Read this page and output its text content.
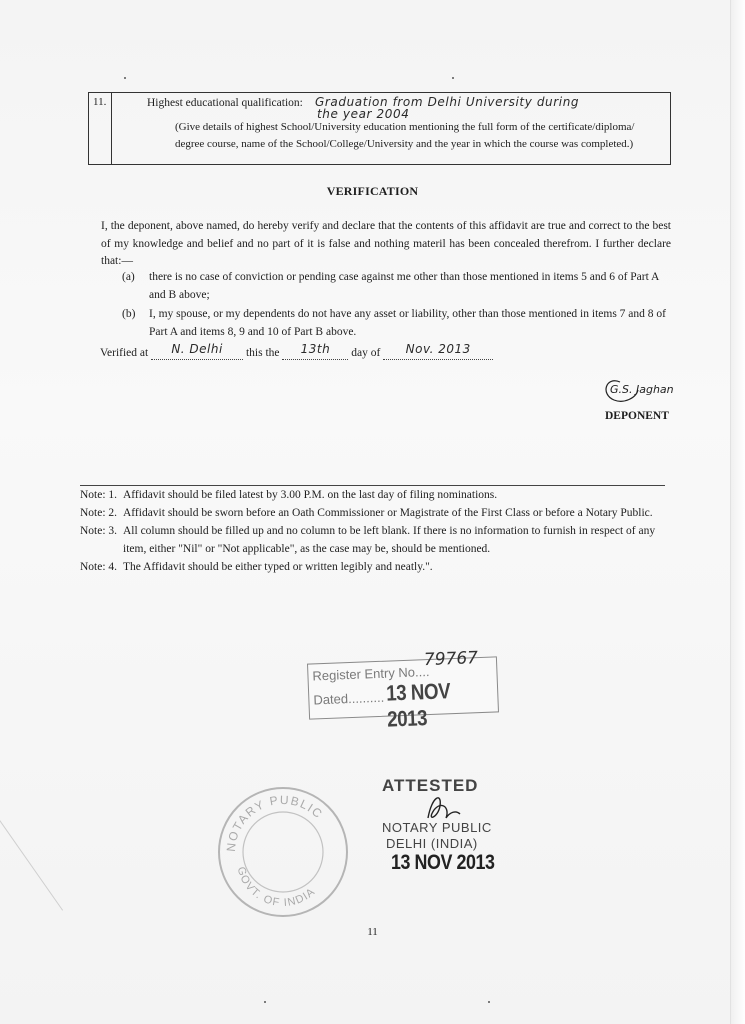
11.	Highest educational qualification: Graduation from Delhi University during
the year 2004
(Give details of highest School/University education mentioning the full form of the certificate/diploma/
degree course, name of the School/College/University and the year in which the course was completed.)
VERIFICATION
I, the deponent, above named, do hereby verify and declare that the contents of this affidavit are true and correct to the best of my knowledge and belief and no part of it is false and nothing materil has been concealed therefrom. I further declare that:—
(a) there is no case of conviction or pending case against me other than those mentioned in items 5 and 6 of Part A and B above;
(b) I, my spouse, or my dependents do not have any asset or liability, other than those mentioned in items 7 and 8 of Part A and items 8, 9 and 10 of Part B above.
Verified at N. Delhi this the 13th day of Nov. 2013
G.S. Jaghan
DEPONENT
Note: 1. Affidavit should be filed latest by 3.00 P.M. on the last day of filing nominations.
Note: 2. Affidavit should be sworn before an Oath Commissioner or Magistrate of the First Class or before a Notary Public.
Note: 3. All column should be filled up and no column to be left blank. If there is no information to furnish in respect of any
item, either "Nil" or "Not applicable", as the case may be, should be mentioned.
Note: 4. The Affidavit should be either typed or written legibly and neatly.".
Register Entry No....
79767
Dated.......... 13 NOV 2013
NOTARY PUBLIC
GOVT. OF INDIA
ATTESTED
NOTARY PUBLIC
DELHI (INDIA)
13 NOV 2013
11
